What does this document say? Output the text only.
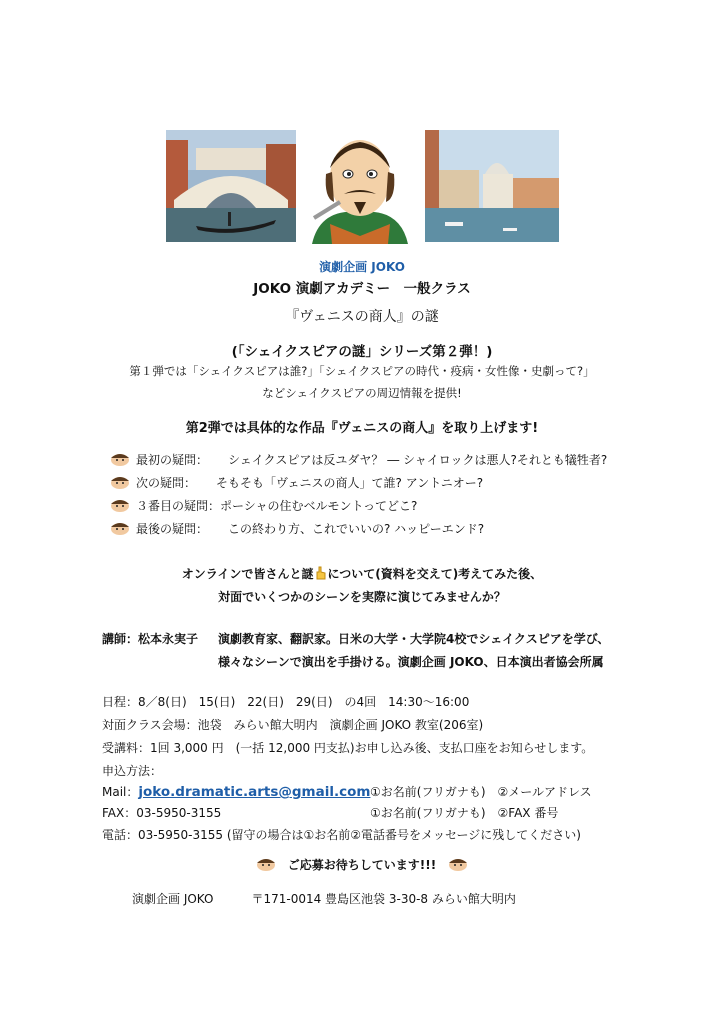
演劇企画 JOKO
JOKO 演劇アカデミー　一般クラス
『ヴェニスの商人』の謎
(「シェイクスピアの謎」シリーズ第２弾！)
第１弾では「シェイクスピアは誰?」「シェイクスピアの時代・疫病・女性像・史劇って?」
などシェイクスピアの周辺情報を提供!
第2弾では具体的な作品『ヴェニスの商人』を取り上げます!
最初の疑問： シェイクスピアは反ユダヤ？ ― シャイロックは悪人?それとも犠牲者?
次の疑問： そもそも「ヴェニスの商人」て誰? アントニオー?
３番目の疑問：ポーシャの住むベルモントってどこ?
最後の疑問： この終わり方、これでいいの? ハッピーエンド?
オンラインで皆さんと謎 について(資料を交えて)考えてみた後、
対面でいくつかのシーンを実際に演じてみませんか？
講師：松本永実子 演劇教育家、翻訳家。日米の大学・大学院4校でシェイクスピアを学び、
様々なシーンで演出を手掛ける。演劇企画 JOKO、日本演出者協会所属
日程：8／8(日)　15(日)　22(日)　29(日)　の4回　14:30～16:00
対面クラス会場：池袋　みらい館大明内　演劇企画 JOKO 教室(206室)
受講料：1回 3,000 円　(一括 12,000 円支払)お申し込み後、支払口座をお知らせします。
申込方法：
Mail：joko.dramatic.arts@gmail.com ①お名前(フリガナも)　②メールアドレス
FAX：03-5950-3155	①お名前(フリガナも)　②FAX 番号
電話：03-5950-3155 (留守の場合は①お名前②電話番号をメッセージに残してください)
ご応募お待ちしています!!!
演劇企画 JOKO	〒171-0014 豊島区池袋 3-30-8 みらい館大明内
